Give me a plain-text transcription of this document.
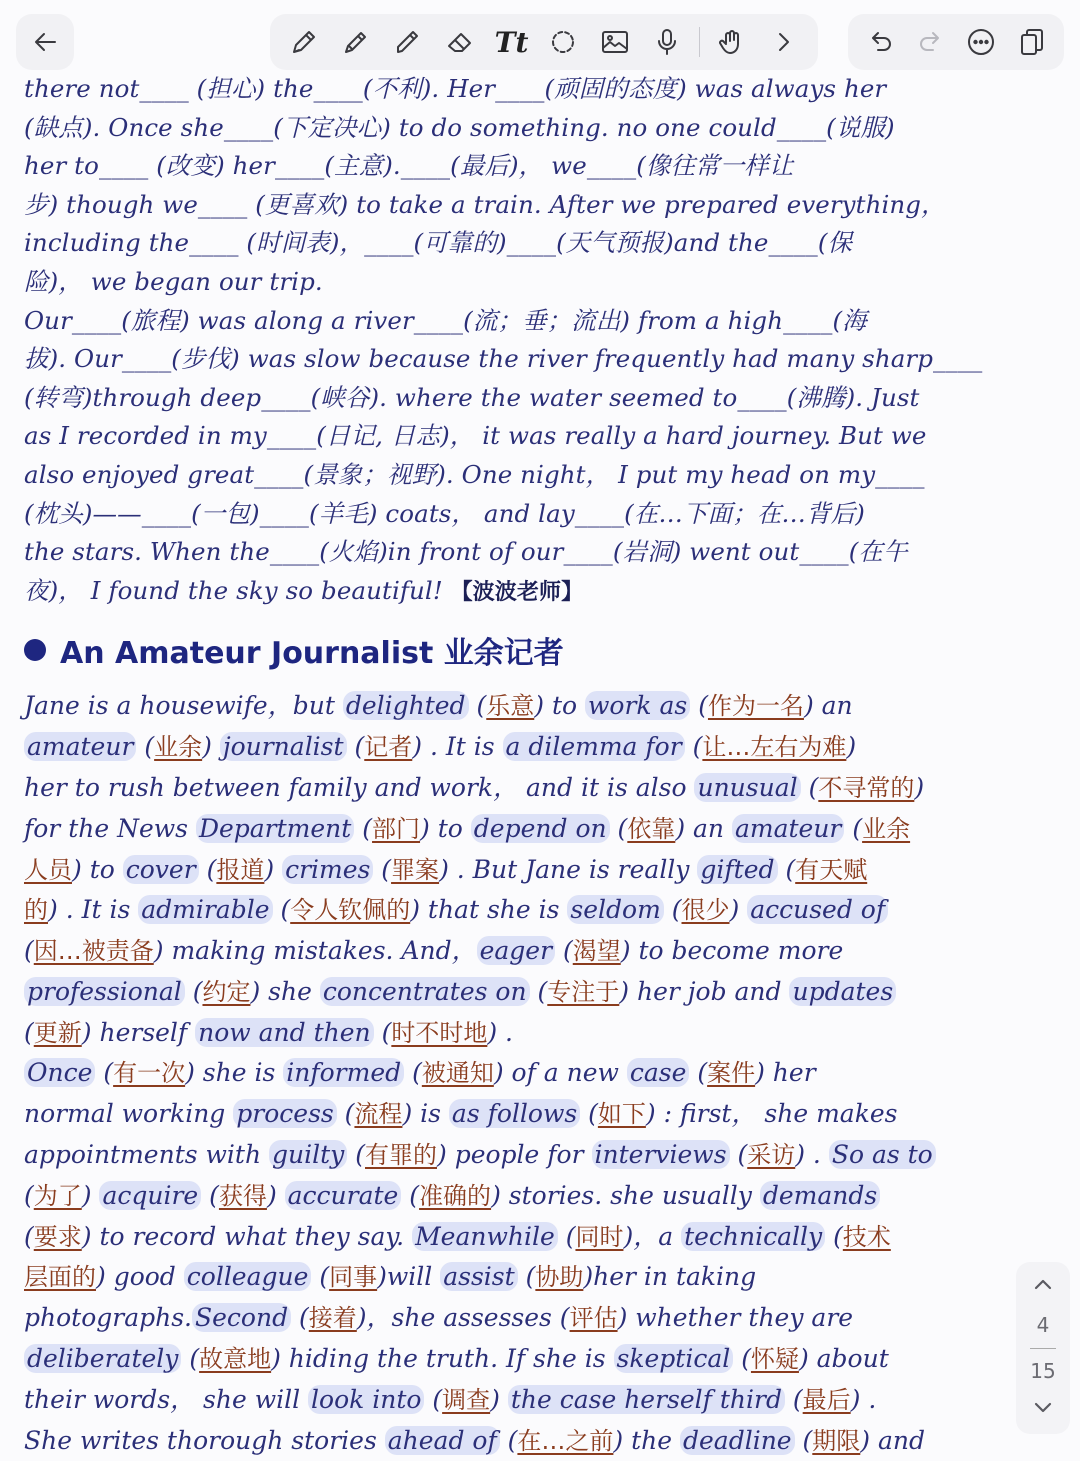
Tt
there not____ (担心) the____(不利). Her____(顽固的态度) was always her
(缺点). Once she____(下定决心) to do something. no one could____(说服)
her to____ (改变) her____(主意).____(最后)， we____(像往常一样让
步) though we____ (更喜欢) to take a train. After we prepared everything，
including the____ (时间表)，____(可靠的)____(天气预报)and the____(保
险)， we began our trip.
Our____(旅程) was along a river____(流；垂；流出) from a high____(海
拔). Our____(步伐) was slow because the river frequently had many sharp____
(转弯)through deep____(峡谷). where the water seemed to____(沸腾). Just
as I recorded in my____(日记, 日志)， it was really a hard journey. But we
also enjoyed great____(景象；视野). One night， I put my head on my____
(枕头)——____(一包)____(羊毛) coats， and lay____(在…下面；在…背后)
the stars. When the____(火焰)in front of our____(岩洞) went out____(在午
夜)， I found the sky so beautiful! 【波波老师】
An Amateur Journalist 业余记者
Jane is a housewife，but delighted (乐意) to work as (作为一名) an
amateur (业余) journalist (记者) . It is a dilemma for (让…左右为难)
her to rush between family and work， and it is also unusual (不寻常的)
for the News Department (部门) to depend on (依靠) an amateur (业余
人员) to cover (报道) crimes (罪案) . But Jane is really gifted (有天赋
的) . It is admirable (令人钦佩的) that she is seldom (很少) accused of
(因…被责备) making mistakes. And， eager (渴望) to become more
professional (约定) she concentrates on (专注于) her job and updates
(更新) herself now and then (时不时地) .
Once (有一次) she is informed (被通知) of a new case (案件) her
normal working process (流程) is as follows (如下) : first， she makes
appointments with guilty (有罪的) people for interviews (采访) . So as to
(为了) acquire (获得) accurate (准确的) stories. she usually demands
(要求) to record what they say. Meanwhile (同时)，a technically (技术
层面的) good colleague (同事)will assist (协助)her in taking
photographs. Second (接着)，she assesses (评估) whether they are
deliberately (故意地) hiding the truth. If she is skeptical (怀疑) about
their words， she will look into (调查) the case herself third (最后) .
She writes thorough stories ahead of (在…之前) the deadline (期限) and
4
15
